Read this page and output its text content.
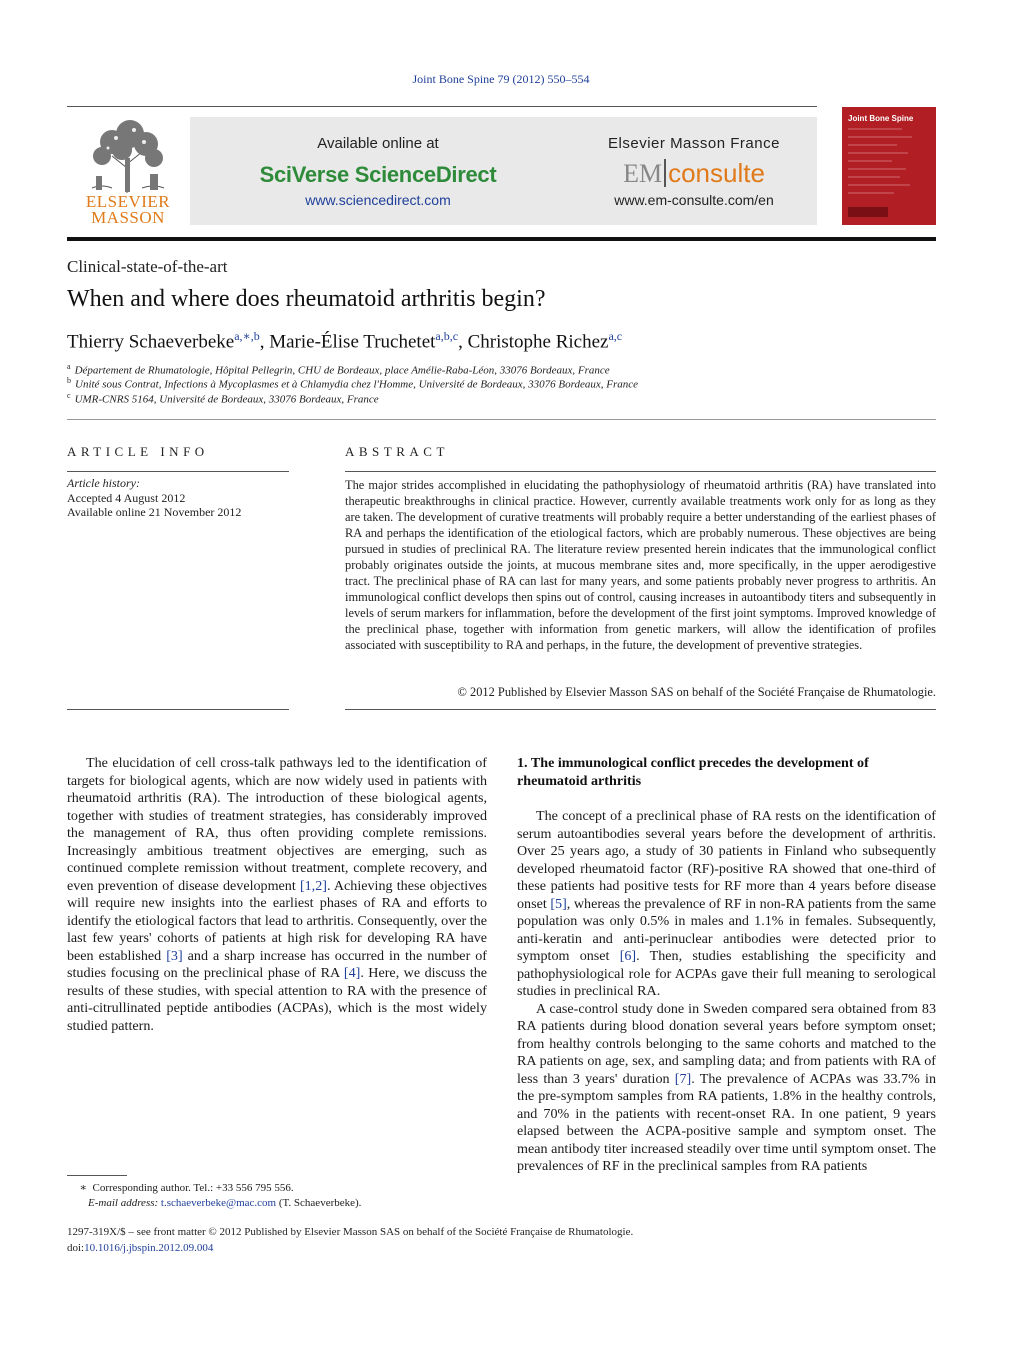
Joint Bone Spine 79 (2012) 550–554
ELSEVIER
MASSON
Available online at
SciVerse ScienceDirect
www.sciencedirect.com
Elsevier Masson France
EM consulte
www.em-consulte.com/en
Joint Bone Spine
Clinical-state-of-the-art
When and where does rheumatoid arthritis begin?
Thierry Schaeverbeke$^{a,∗,b}$, Marie-Élise Truchetet$^{a,b,c}$, Christophe Richez$^{a,c}$
$^a$ Département de Rhumatologie, Hôpital Pellegrin, CHU de Bordeaux, place Amélie-Raba-Léon, 33076 Bordeaux, France
$^b$ Unité sous Contrat, Infections à Mycoplasmes et à Chlamydia chez l'Homme, Université de Bordeaux, 33076 Bordeaux, France
$^c$ UMR-CNRS 5164, Université de Bordeaux, 33076 Bordeaux, France
ARTICLE INFO	ABSTRACT
Article history:
Accepted 4 August 2012
Available online 21 November 2012
The major strides accomplished in elucidating the pathophysiology of rheumatoid arthritis (RA) have translated into therapeutic breakthroughs in clinical practice. However, currently available treatments work only for as long as they are taken. The development of curative treatments will probably require a better understanding of the earliest phases of RA and perhaps the identification of the etiological factors, which are probably numerous. These objectives are being pursued in studies of preclinical RA. The literature review presented herein indicates that the immunological conflict probably originates outside the joints, at mucous membrane sites and, more specifically, in the upper aerodigestive tract. The preclinical phase of RA can last for many years, and some patients probably never progress to arthritis. An immunological conflict develops then spins out of control, causing increases in autoantibody titers and subsequently in levels of serum markers for inflammation, before the development of the first joint symptoms. Improved knowledge of the preclinical phase, together with information from genetic markers, will allow the identification of profiles associated with susceptibility to RA and perhaps, in the future, the development of preventive strategies.
© 2012 Published by Elsevier Masson SAS on behalf of the Société Française de Rhumatologie.

The elucidation of cell cross-talk pathways led to the identification of targets for biological agents, which are now widely used in patients with rheumatoid arthritis (RA). The introduction of these biological agents, together with studies of treatment strategies, has considerably improved the management of RA, thus often providing complete remissions. Increasingly ambitious treatment objectives are emerging, such as continued complete remission without treatment, complete recovery, and even prevention of disease development [1,2]. Achieving these objectives will require new insights into the earliest phases of RA and efforts to identify the etiological factors that lead to arthritis. Consequently, over the last few years' cohorts of patients at high risk for developing RA have been established [3] and a sharp increase has occurred in the number of studies focusing on the preclinical phase of RA [4]. Here, we discuss the results of these studies, with special attention to RA with the presence of anti-citrullinated peptide antibodies (ACPAs), which is the most widely studied pattern.

1. The immunological conflict precedes the development of rheumatoid arthritis

The concept of a preclinical phase of RA rests on the identification of serum autoantibodies several years before the development of arthritis. Over 25 years ago, a study of 30 patients in Finland who subsequently developed rheumatoid factor (RF)-positive RA showed that one-third of these patients had positive tests for RF more than 4 years before disease onset [5], whereas the prevalence of RF in non-RA patients from the same population was only 0.5% in males and 1.1% in females. Subsequently, anti-keratin and anti-perinuclear antibodies were detected prior to symptom onset [6]. Then, studies establishing the specificity and pathophysiological role for ACPAs gave their full meaning to serological studies in preclinical RA.

A case-control study done in Sweden compared sera obtained from 83 RA patients during blood donation several years before symptom onset; from healthy controls belonging to the same cohorts and matched to the RA patients on age, sex, and sampling data; and from patients with RA of less than 3 years' duration [7]. The prevalence of ACPAs was 33.7% in the pre-symptom samples from RA patients, 1.8% in the healthy controls, and 70% in the patients with recent-onset RA. In one patient, 9 years elapsed between the ACPA-positive sample and symptom onset. The mean antibody titer increased steadily over time until symptom onset. The prevalences of RF in the preclinical samples from RA patients

∗ Corresponding author. Tel.: +33 556 795 556.
E-mail address: t.schaeverbeke@mac.com (T. Schaeverbeke).
1297-319X/$ – see front matter © 2012 Published by Elsevier Masson SAS on behalf of the Société Française de Rhumatologie.
doi:10.1016/j.jbspin.2012.09.004
